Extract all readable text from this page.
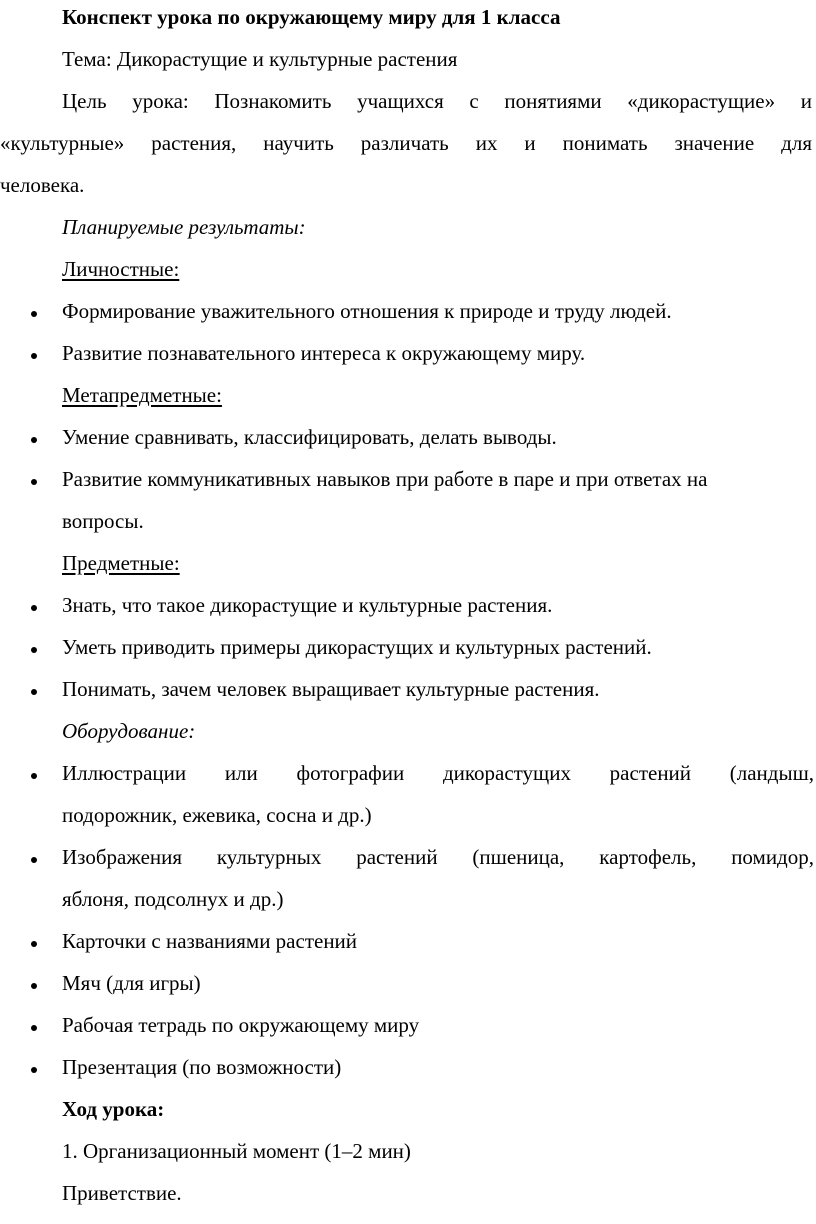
Конспект урока по окружающему миру для 1 класса
Тема: Дикорастущие и культурные растения
Цель урока: Познакомить учащихся с понятиями «дикорастущие» и
«культурные» растения, научить различать их и понимать значение для
человека.
Планируемые результаты:
Личностные:
Формирование уважительного отношения к природе и труду людей.
Развитие познавательного интереса к окружающему миру.
Метапредметные:
Умение сравнивать, классифицировать, делать выводы.
Развитие коммуникативных навыков при работе в паре и при ответах на
вопросы.
Предметные:
Знать, что такое дикорастущие и культурные растения.
Уметь приводить примеры дикорастущих и культурных растений.
Понимать, зачем человек выращивает культурные растения.
Оборудование:
Иллюстрации или фотографии дикорастущих растений (ландыш,
подорожник, ежевика, сосна и др.)
Изображения культурных растений (пшеница, картофель, помидор,
яблоня, подсолнух и др.)
Карточки с названиями растений
Мяч (для игры)
Рабочая тетрадь по окружающему миру
Презентация (по возможности)
Ход урока:
1. Организационный момент (1–2 мин)
Приветствие.
